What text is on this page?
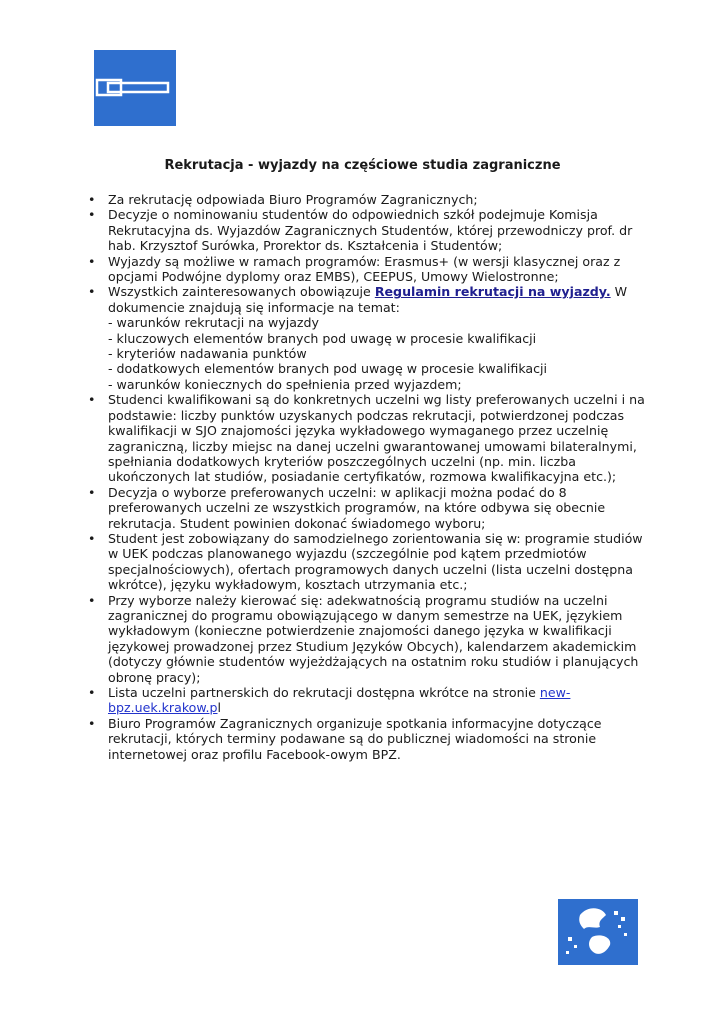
Rekrutacja - wyjazdy na częściowe studia zagraniczne
• Za rekrutację odpowiada Biuro Programów Zagranicznych;
• Decyzje o nominowaniu studentów do odpowiednich szkół podejmuje Komisja Rekrutacyjna ds. Wyjazdów Zagranicznych Studentów, której przewodniczy prof. dr hab. Krzysztof Surówka, Prorektor ds. Kształcenia i Studentów;
• Wyjazdy są możliwe w ramach programów: Erasmus+ (w wersji klasycznej oraz z opcjami Podwójne dyplomy oraz EMBS), CEEPUS, Umowy Wielostronne;
• Wszystkich zainteresowanych obowiązuje Regulamin rekrutacji na wyjazdy. W dokumencie znajdują się informacje na temat:
- warunków rekrutacji na wyjazdy
- kluczowych elementów branych pod uwagę w procesie kwalifikacji
- kryteriów nadawania punktów
- dodatkowych elementów branych pod uwagę w procesie kwalifikacji
- warunków koniecznych do spełnienia przed wyjazdem;
• Studenci kwalifikowani są do konkretnych uczelni wg listy preferowanych uczelni i na podstawie: liczby punktów uzyskanych podczas rekrutacji, potwierdzonej podczas kwalifikacji w SJO znajomości języka wykładowego wymaganego przez uczelnię zagraniczną, liczby miejsc na danej uczelni gwarantowanej umowami bilateralnymi, spełniania dodatkowych kryteriów poszczególnych uczelni (np. min. liczba ukończonych lat studiów, posiadanie certyfikatów, rozmowa kwalifikacyjna etc.);
• Decyzja o wyborze preferowanych uczelni: w aplikacji można podać do 8 preferowanych uczelni ze wszystkich programów, na które odbywa się obecnie rekrutacja. Student powinien dokonać świadomego wyboru;
• Student jest zobowiązany do samodzielnego zorientowania się w: programie studiów w UEK podczas planowanego wyjazdu (szczególnie pod kątem przedmiotów specjalnościowych), ofertach programowych danych uczelni (lista uczelni dostępna wkrótce), języku wykładowym, kosztach utrzymania etc.;
• Przy wyborze należy kierować się: adekwatnością programu studiów na uczelni zagranicznej do programu obowiązującego w danym semestrze na UEK, językiem wykładowym (konieczne potwierdzenie znajomości danego języka w kwalifikacji językowej prowadzonej przez Studium Języków Obcych), kalendarzem akademickim (dotyczy głównie studentów wyjeżdżających na ostatnim roku studiów i planujących obronę pracy);
• Lista uczelni partnerskich do rekrutacji dostępna wkrótce na stronie new-bpz.uek.krakow.pl
• Biuro Programów Zagranicznych organizuje spotkania informacyjne dotyczące rekrutacji, których terminy podawane są do publicznej wiadomości na stronie internetowej oraz profilu Facebook-owym BPZ.
